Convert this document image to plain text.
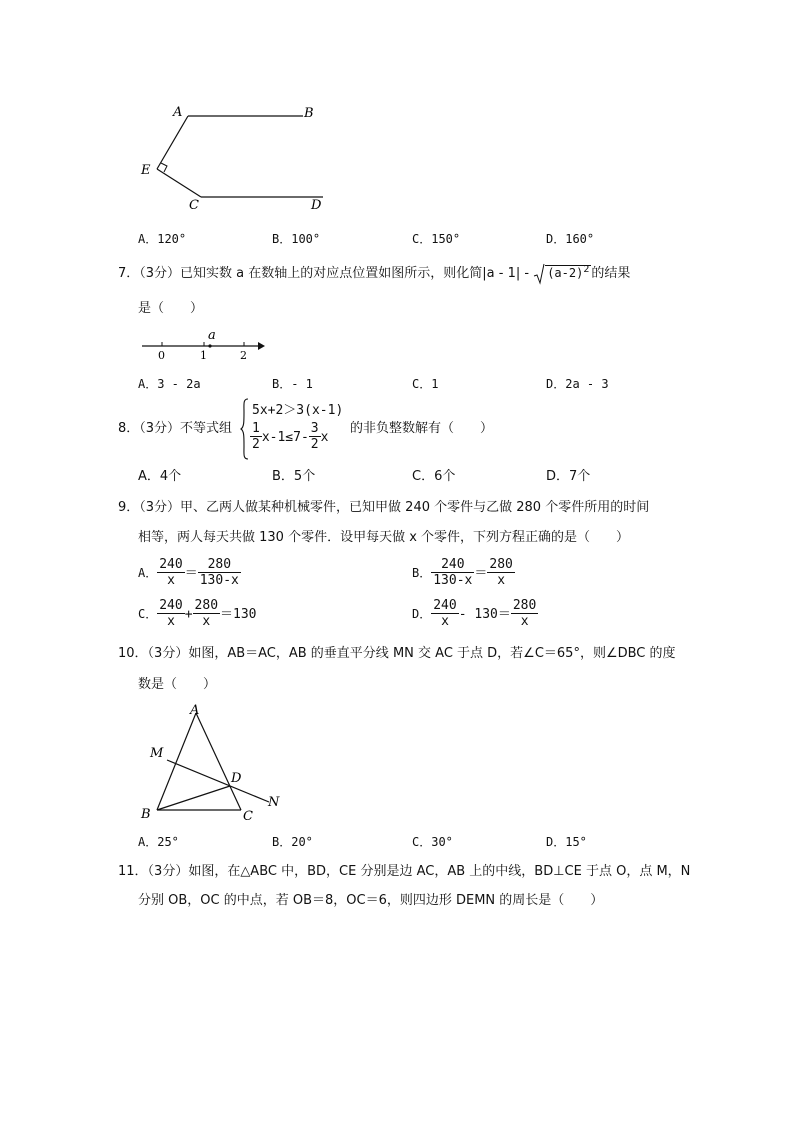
A	B
E
C	D
A．120°	B．100°	C．150°	D．160°
7．（3分）已知实数 a 在数轴上的对应点位置如图所示，则化简$|a - 1| - (a-2)^2$ 的结果
是（　　）
a
0	1	2
A．3 - 2a	B．- 1	C．1	D．2a - 3
8．（3分）不等式组
5x+2＞3(x-1)
$\frac{1}{2} x-1\le 7- \frac{3}{2}$ x
的非负整数解有（　　）
A．4个	B．5个	C．6个	D．7个
9．（3分）甲、乙两人做某种机械零件，已知甲做 240 个零件与乙做 280 个零件所用的时间
相等，两人每天共做 130 个零件．设甲每天做 x 个零件，下列方程正确的是（　　）
A． $\frac{240}{x} = \frac{280}{130-x}$	B． $\frac{240}{130-x} = \frac{280}{x}$
C． $\frac{240}{x} + \frac{280}{x} =130$	D． $\frac{240}{x} - 130= \frac{280}{x}$
10．（3分）如图，AB＝AC，AB 的垂直平分线 MN 交 AC 于点 D，若∠C＝65°，则∠DBC 的度
数是（　　）
A
M
D
N
B	C
A．25°	B．20°	C．30°	D．15°
11．（3分）如图，在△ABC 中，BD，CE 分别是边 AC，AB 上的中线，BD⊥CE 于点 O，点 M，N
分别 OB，OC 的中点，若 OB＝8，OC＝6，则四边形 DEMN 的周长是（　　）
